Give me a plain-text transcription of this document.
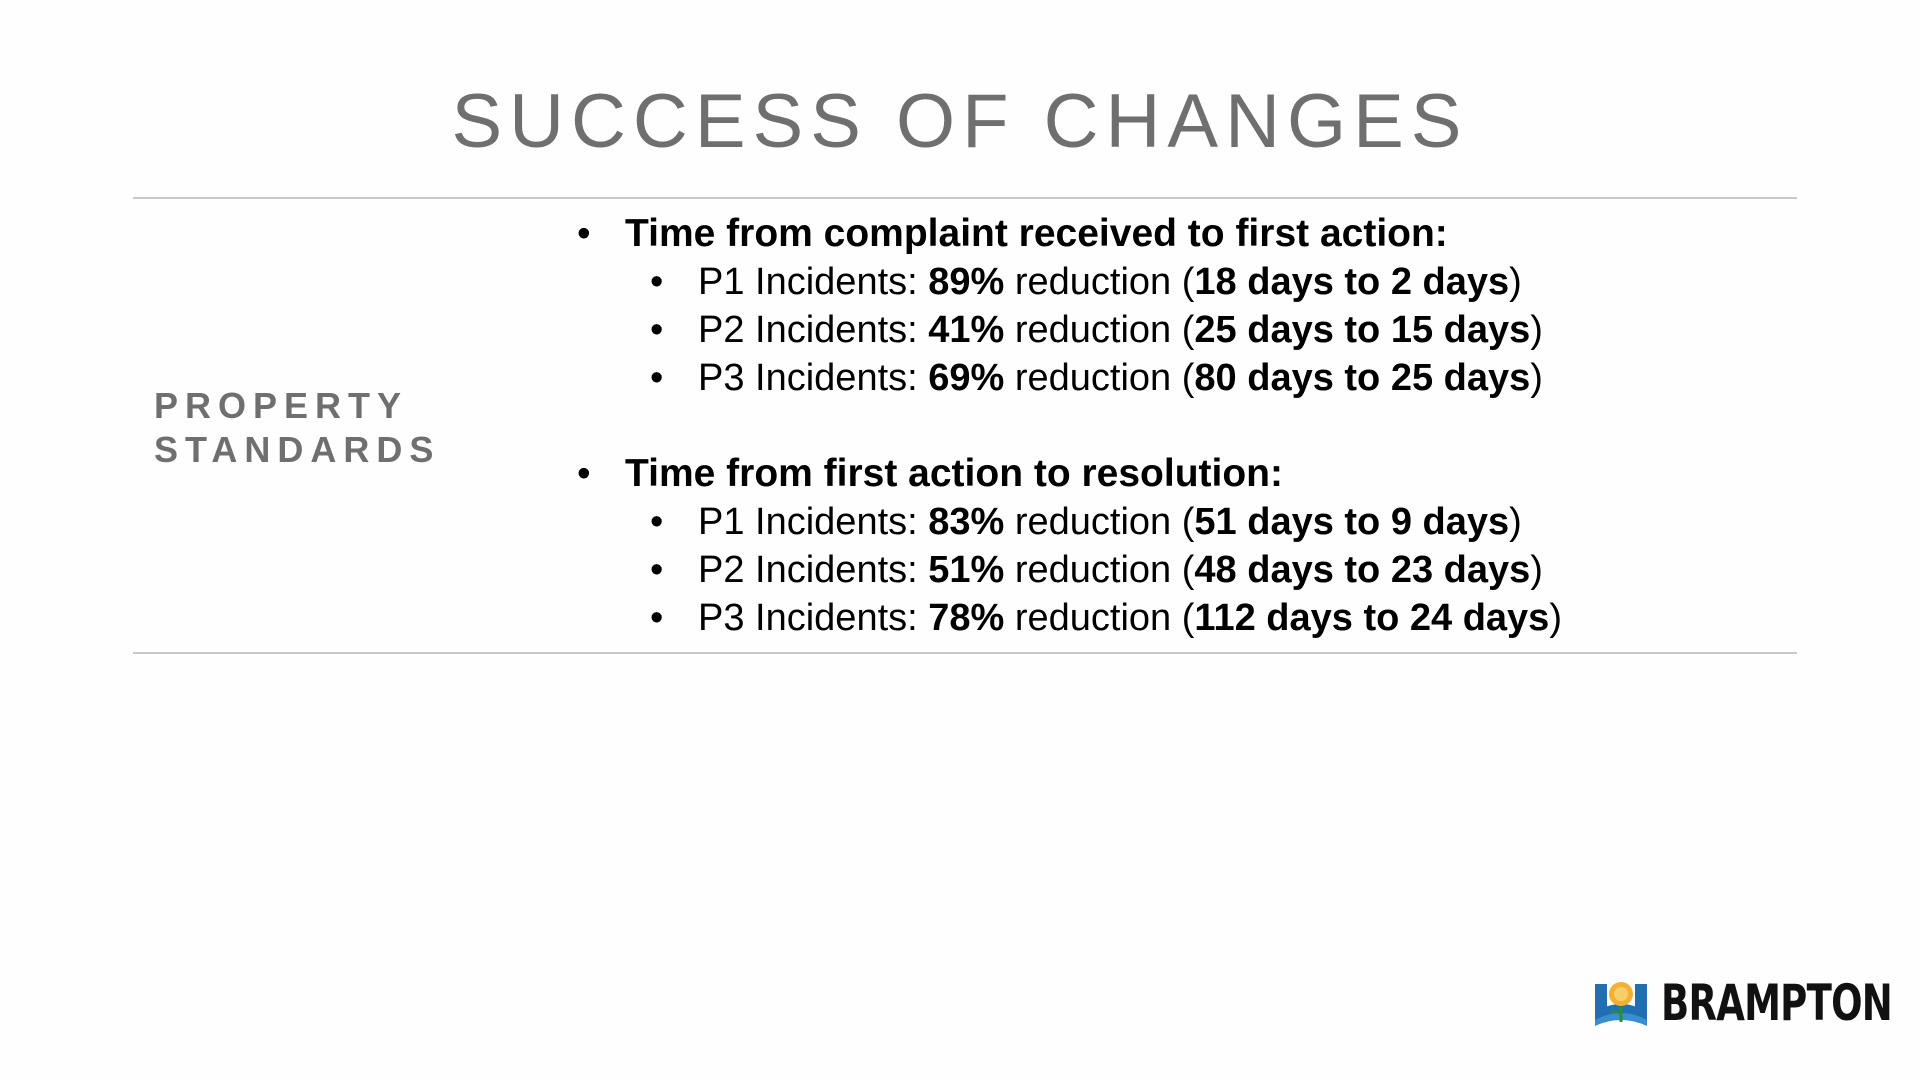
SUCCESS OF CHANGES
PROPERTY
STANDARDS
• Time from complaint received to first action:
• P1 Incidents: 89% reduction (18 days to 2 days)
• P2 Incidents: 41% reduction (25 days to 15 days)
• P3 Incidents: 69% reduction (80 days to 25 days)
• Time from first action to resolution:
• P1 Incidents: 83% reduction (51 days to 9 days)
• P2 Incidents: 51% reduction (48 days to 23 days)
• P3 Incidents: 78% reduction (112 days to 24 days)
BRAMPTON
